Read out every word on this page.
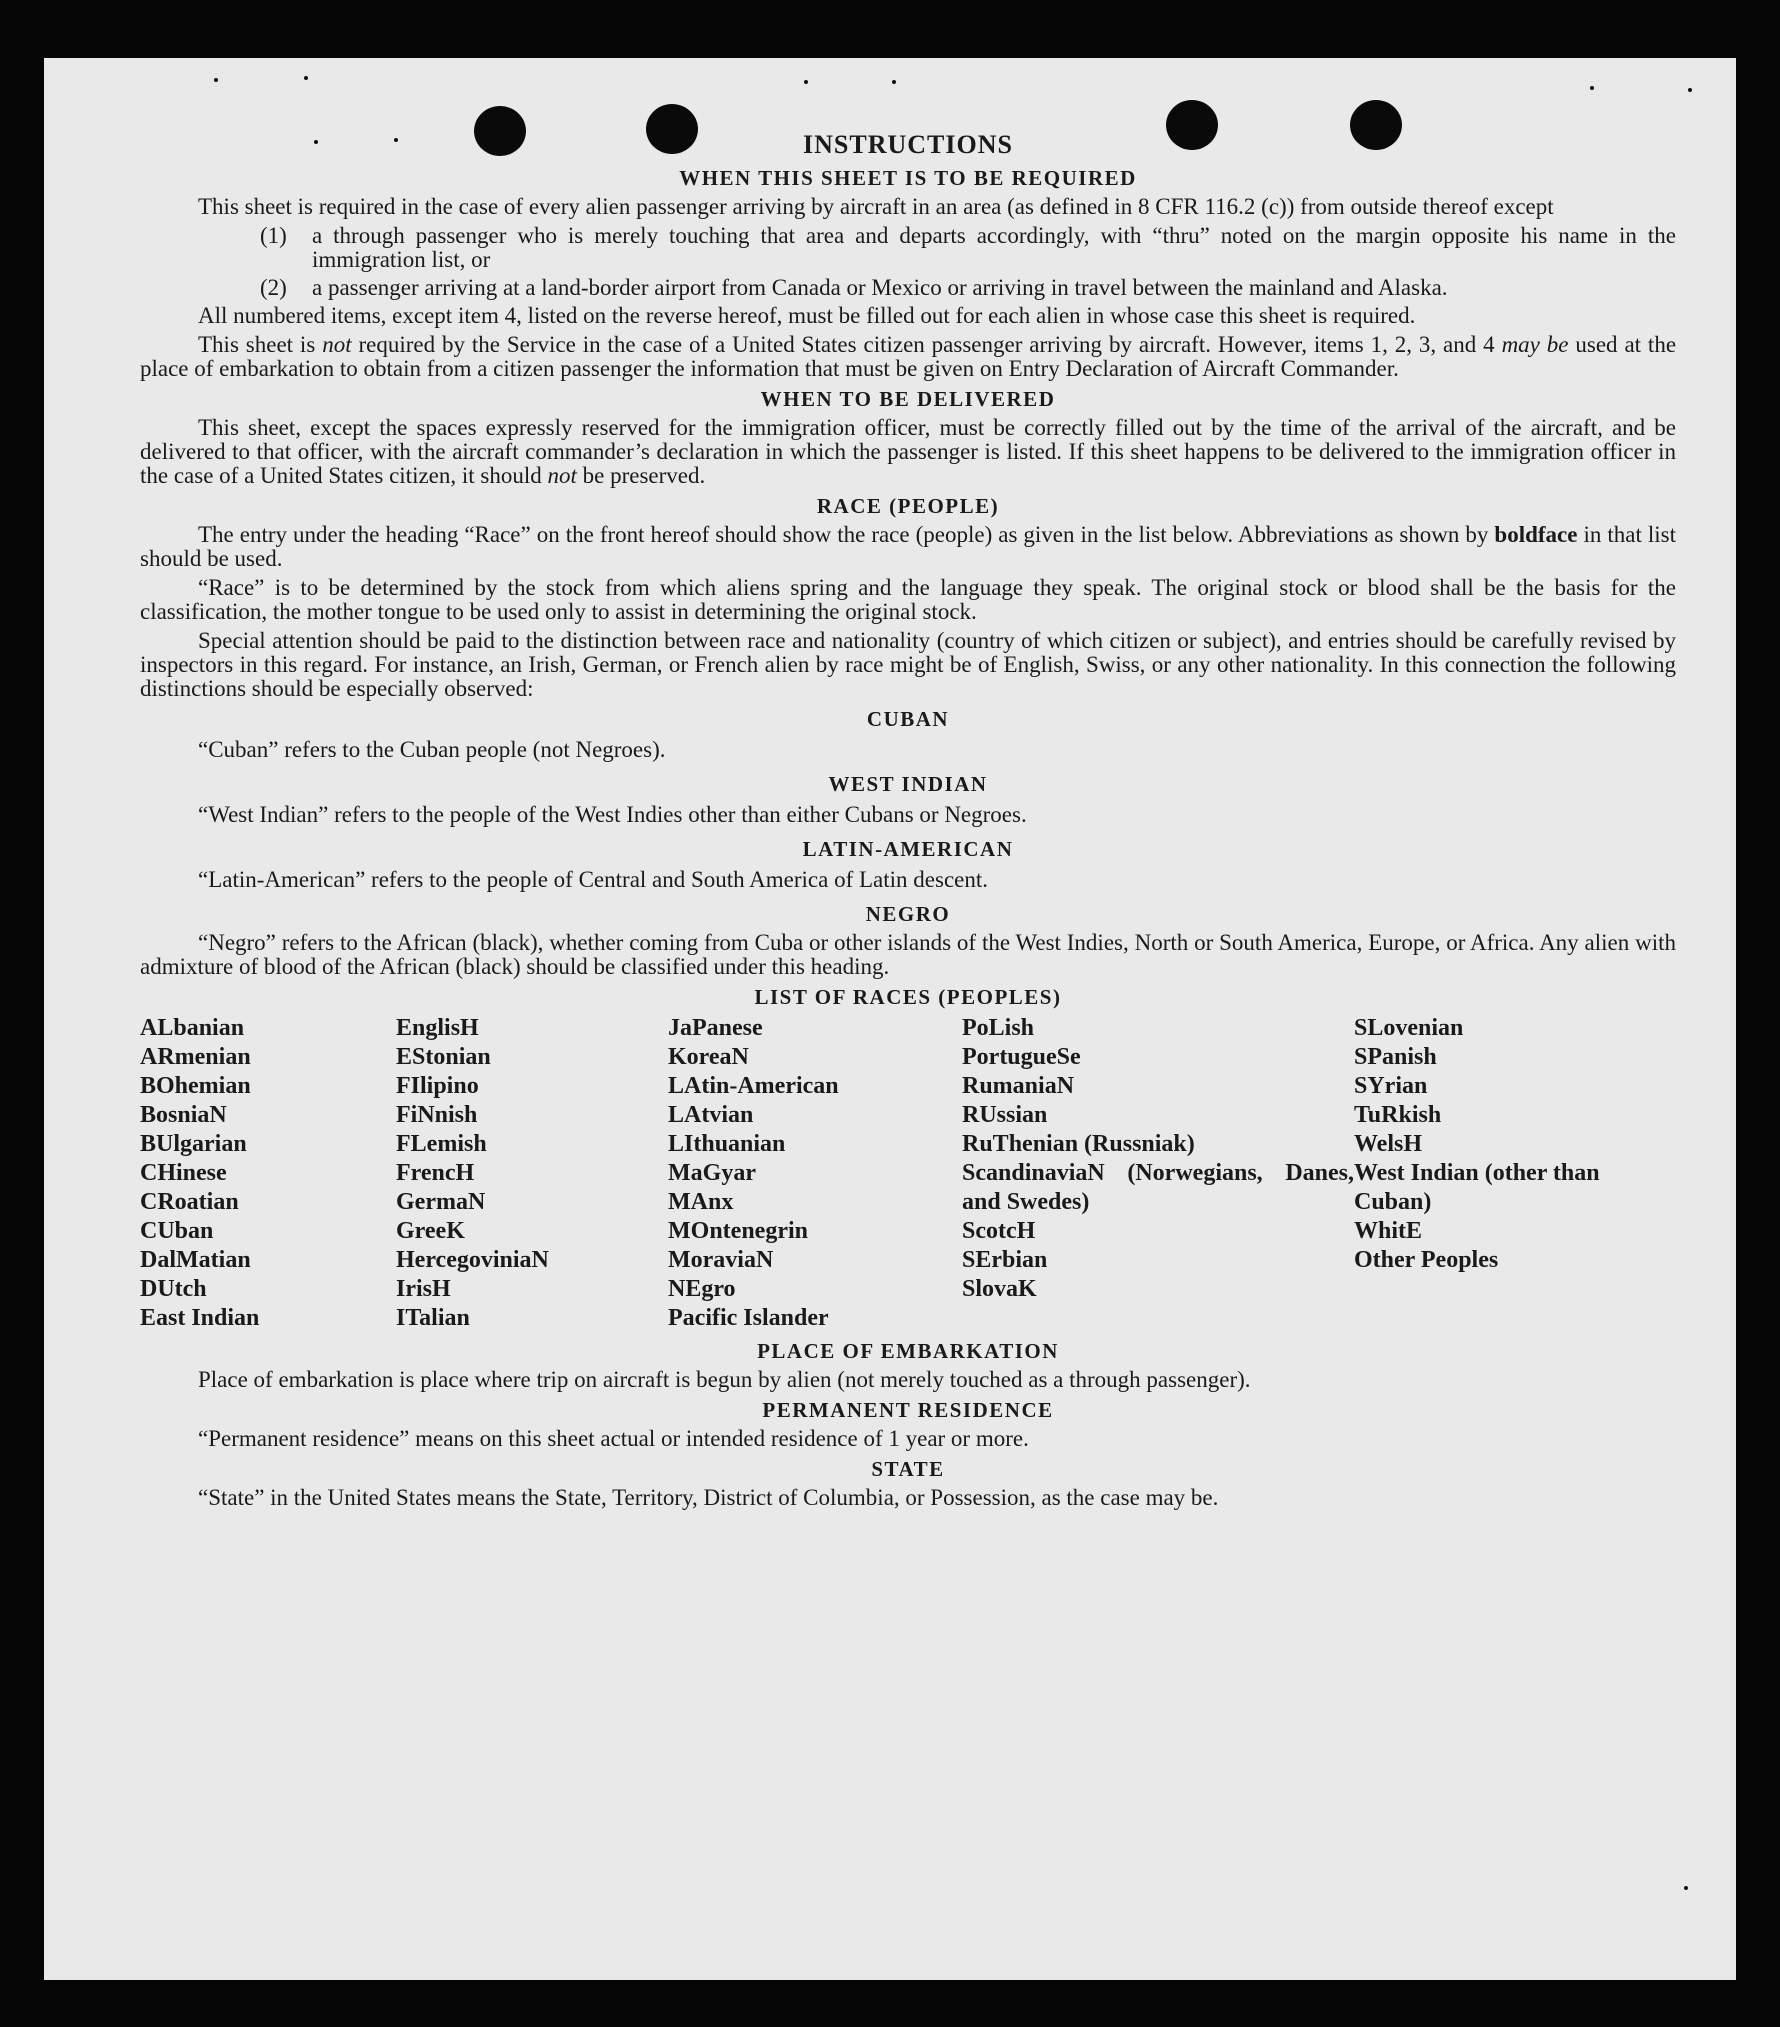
INSTRUCTIONS
WHEN THIS SHEET IS TO BE REQUIRED

This sheet is required in the case of every alien passenger arriving by aircraft in an area (as defined in 8 CFR 116.2 (c)) from outside thereof except

(1)	a through passenger who is merely touching that area and departs accordingly, with “thru” noted on the margin opposite his name in the immigration list, or
(2)	a passenger arriving at a land-border airport from Canada or Mexico or arriving in travel between the mainland and Alaska.

All numbered items, except item 4, listed on the reverse hereof, must be filled out for each alien in whose case this sheet is required.

This sheet is not required by the Service in the case of a United States citizen passenger arriving by aircraft. However, items 1, 2, 3, and 4 may be used at the place of embarkation to obtain from a citizen passenger the information that must be given on Entry Declaration of Aircraft Commander.

WHEN TO BE DELIVERED

This sheet, except the spaces expressly reserved for the immigration officer, must be correctly filled out by the time of the arrival of the aircraft, and be delivered to that officer, with the aircraft commander’s declaration in which the passenger is listed. If this sheet happens to be delivered to the immigration officer in the case of a United States citizen, it should not be preserved.

RACE (PEOPLE)

The entry under the heading “Race” on the front hereof should show the race (people) as given in the list below. Abbreviations as shown by boldface in that list should be used.

“Race” is to be determined by the stock from which aliens spring and the language they speak. The original stock or blood shall be the basis for the classification, the mother tongue to be used only to assist in determining the original stock.

Special attention should be paid to the distinction between race and nationality (country of which citizen or subject), and entries should be carefully revised by inspectors in this regard. For instance, an Irish, German, or French alien by race might be of English, Swiss, or any other nationality. In this connection the following distinctions should be especially observed:

CUBAN
“Cuban” refers to the Cuban people (not Negroes).
WEST INDIAN
“West Indian” refers to the people of the West Indies other than either Cubans or Negroes.
LATIN-AMERICAN
“Latin-American” refers to the people of Central and South America of Latin descent.
NEGRO

“Negro” refers to the African (black), whether coming from Cuba or other islands of the West Indies, North or South America, Europe, or Africa. Any alien with admixture of blood of the African (black) should be classified under this heading.

LIST OF RACES (PEOPLES)
ALbanian
ARmenian
BOhemian
BosniaN
BUlgarian
CHinese
CRoatian
CUban
DalMatian
DUtch
East Indian
EnglisH
EStonian
FIlipino
FiNnish
FLemish
FrencH
GermaN
GreeK
HercegoviniaN
IrisH
ITalian
JaPanese
KoreaN
LAtin-American
LAtvian
LIthuanian
MaGyar
MAnx
MOntenegrin
MoraviaN
NEgro
Pacific Islander
PoLish
PortugueSe
RumaniaN
RUssian
RuThenian (Russniak)
ScandinaviaN (Norwegians, Danes, and Swedes)
ScotcH
SErbian
SlovaK
SLovenian
SPanish
SYrian
TuRkish
WelsH
West Indian (other than Cuban)
WhitE
Other Peoples
PLACE OF EMBARKATION

Place of embarkation is place where trip on aircraft is begun by alien (not merely touched as a through passenger).

PERMANENT RESIDENCE

“Permanent residence” means on this sheet actual or intended residence of 1 year or more.

STATE

“State” in the United States means the State, Territory, District of Columbia, or Possession, as the case may be.
